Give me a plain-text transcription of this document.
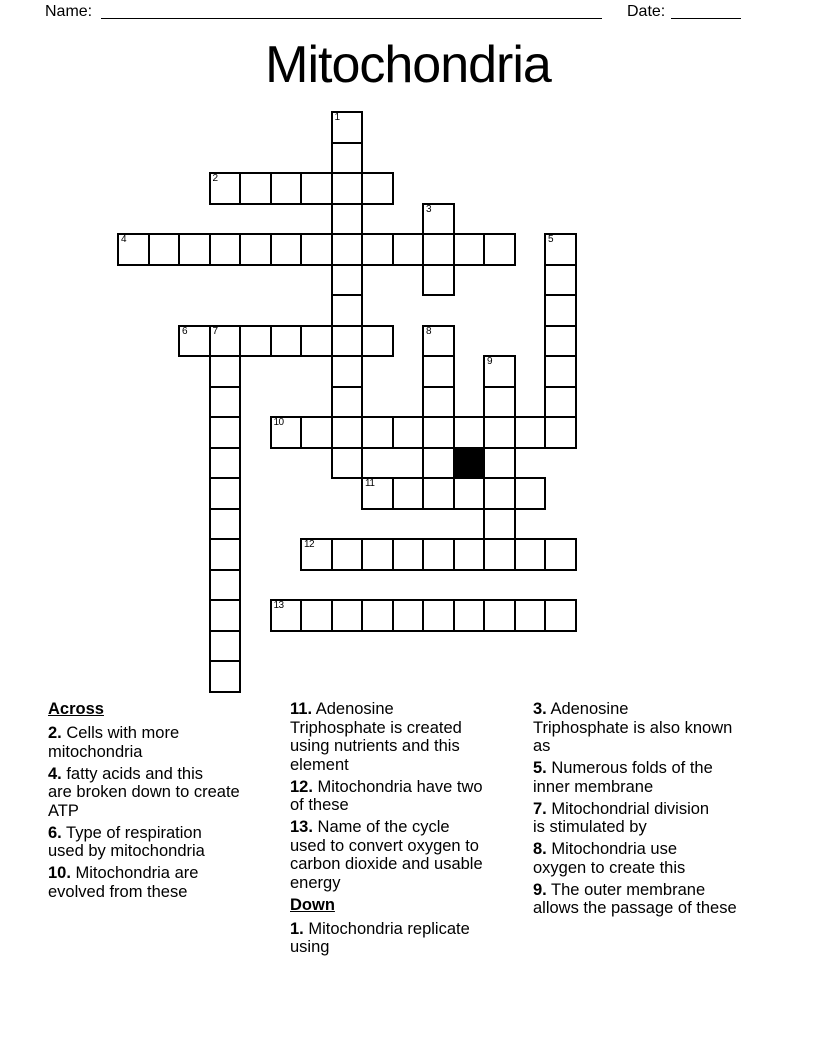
Name:	Date:
Mitochondria
1
2
3
4	5
6	7	8
9
10
11
12
13
Across
2. Cells with more
mitochondria
4. fatty acids and this
are broken down to create
ATP
6. Type of respiration
used by mitochondria
10. Mitochondria are
evolved from these
11. Adenosine
Triphosphate is created
using nutrients and this
element
12. Mitochondria have two
of these
13. Name of the cycle
used to convert oxygen to
carbon dioxide and usable
energy
Down
1. Mitochondria replicate
using
3. Adenosine
Triphosphate is also known
as
5. Numerous folds of the
inner membrane
7. Mitochondrial division
is stimulated by
8. Mitochondria use
oxygen to create this
9. The outer membrane
allows the passage of these
